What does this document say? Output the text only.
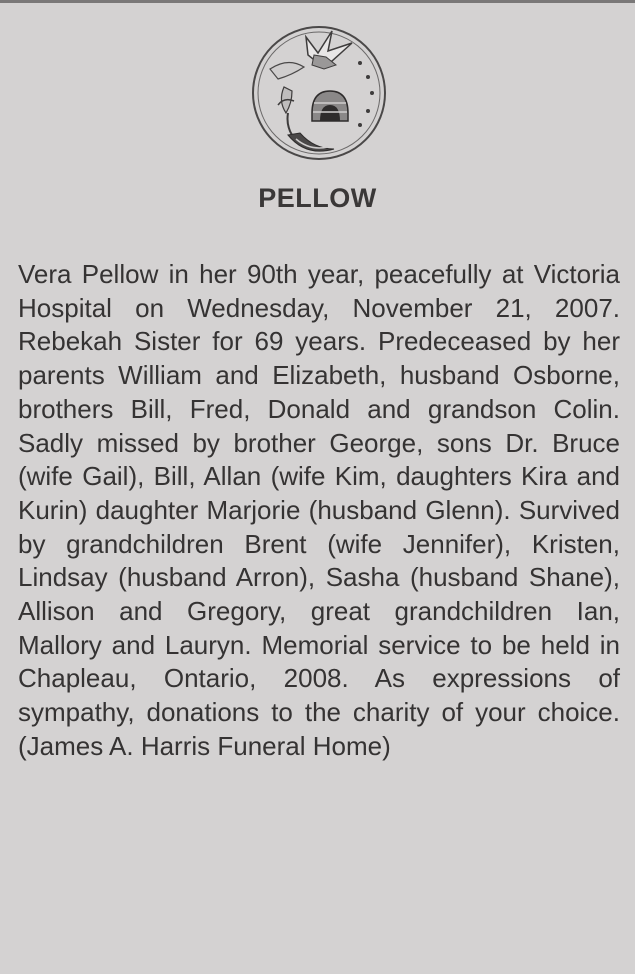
PELLOW

Vera Pellow in her 90th year, peacefully at Victoria Hospital on Wednesday, November 21, 2007. Rebekah Sister for 69 years. Predeceased by her parents William and Elizabeth, husband Osborne, brothers Bill, Fred, Donald and grandson Colin. Sadly missed by brother George, sons Dr. Bruce (wife Gail), Bill, Allan (wife Kim, daughters Kira and Kurin) daughter Marjorie (husband Glenn). Survived by grandchildren Brent (wife Jennifer), Kristen, Lindsay (husband Arron), Sasha (husband Shane), Allison and Gregory, great grandchildren Ian, Mallory and Lauryn. Memorial service to be held in Chapleau, Ontario, 2008. As expressions of sympathy, donations to the charity of your choice. (James A. Harris Funeral Home)
